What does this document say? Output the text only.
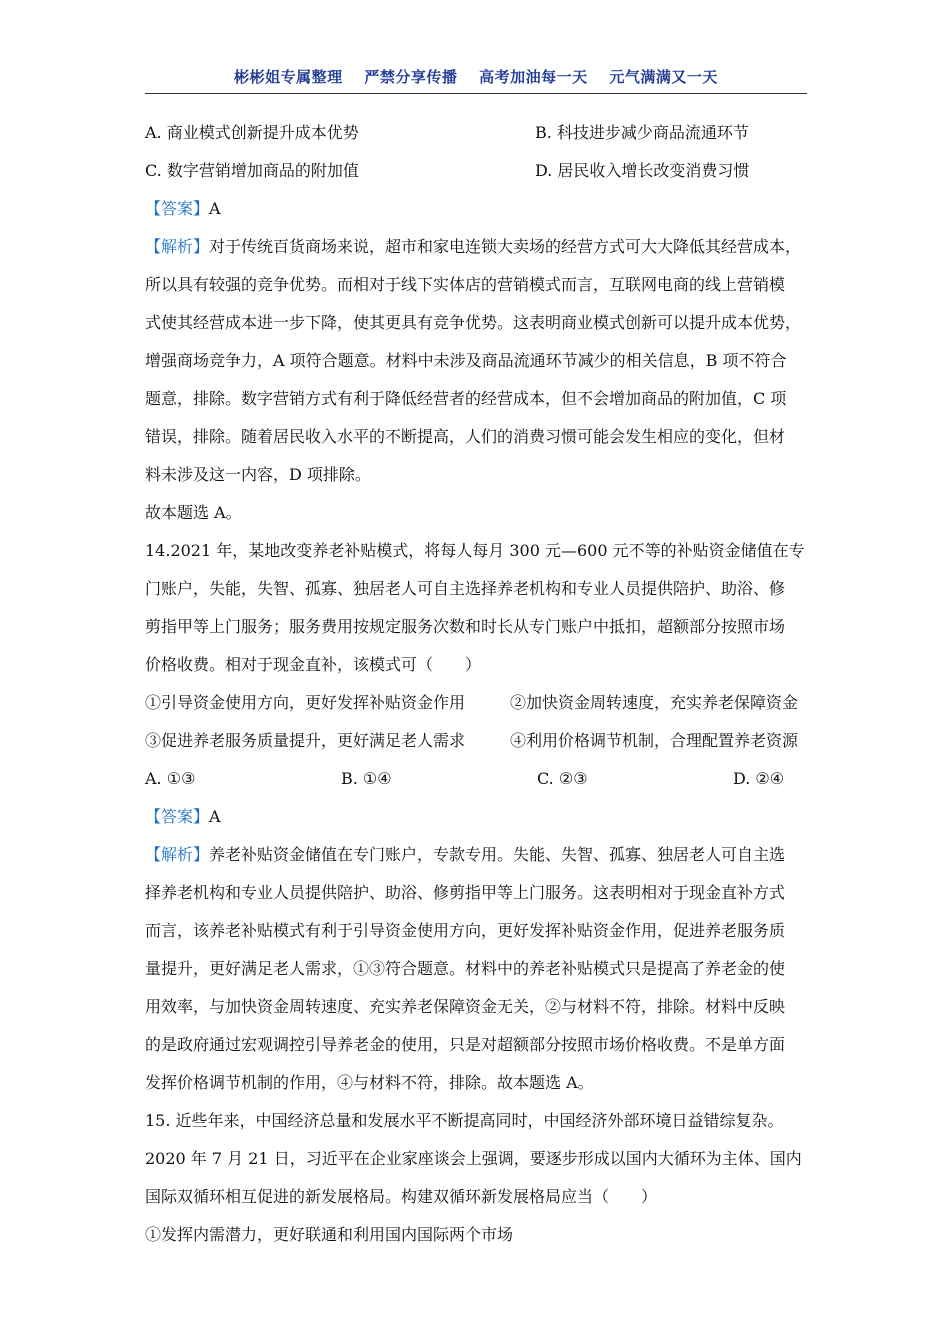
彬彬姐专属整理 严禁分享传播 高考加油每一天 元气满满又一天
A. 商业模式创新提升成本优势	B. 科技进步减少商品流通环节
C. 数字营销增加商品的附加值	D. 居民收入增长改变消费习惯
【答案】A
【解析】对于传统百货商场来说，超市和家电连锁大卖场的经营方式可大大降低其经营成本，
所以具有较强的竞争优势。而相对于线下实体店的营销模式而言，互联网电商的线上营销模
式使其经营成本进一步下降，使其更具有竞争优势。这表明商业模式创新可以提升成本优势，
增强商场竞争力，A 项符合题意。材料中未涉及商品流通环节减少的相关信息，B 项不符合
题意，排除。数字营销方式有利于降低经营者的经营成本，但不会增加商品的附加值，C 项
错误，排除。随着居民收入水平的不断提高，人们的消费习惯可能会发生相应的变化，但材
料未涉及这一内容，D 项排除。
故本题选 A。
14.2021 年，某地改变养老补贴模式，将每人每月 300 元—600 元不等的补贴资金储值在专
门账户，失能，失智、孤寡、独居老人可自主选择养老机构和专业人员提供陪护、助浴、修
剪指甲等上门服务；服务费用按规定服务次数和时长从专门账户中抵扣，超额部分按照市场
价格收费。相对于现金直补，该模式可（　　）
①引导资金使用方向，更好发挥补贴资金作用	②加快资金周转速度，充实养老保障资金
③促进养老服务质量提升，更好满足老人需求	④利用价格调节机制，合理配置养老资源
A. ①③	B. ①④	C. ②③	D. ②④
【答案】A
【解析】养老补贴资金储值在专门账户，专款专用。失能、失智、孤寡、独居老人可自主选
择养老机构和专业人员提供陪护、助浴、修剪指甲等上门服务。这表明相对于现金直补方式
而言，该养老补贴模式有利于引导资金使用方向，更好发挥补贴资金作用，促进养老服务质
量提升，更好满足老人需求，①③符合题意。材料中的养老补贴模式只是提高了养老金的使
用效率，与加快资金周转速度、充实养老保障资金无关，②与材料不符，排除。材料中反映
的是政府通过宏观调控引导养老金的使用，只是对超额部分按照市场价格收费。不是单方面
发挥价格调节机制的作用，④与材料不符，排除。故本题选 A。
15. 近些年来，中国经济总量和发展水平不断提高同时，中国经济外部环境日益错综复杂。
2020 年 7 月 21 日，习近平在企业家座谈会上强调，要逐步形成以国内大循环为主体、国内
国际双循环相互促进的新发展格局。构建双循环新发展格局应当（　　）
①发挥内需潜力，更好联通和利用国内国际两个市场
